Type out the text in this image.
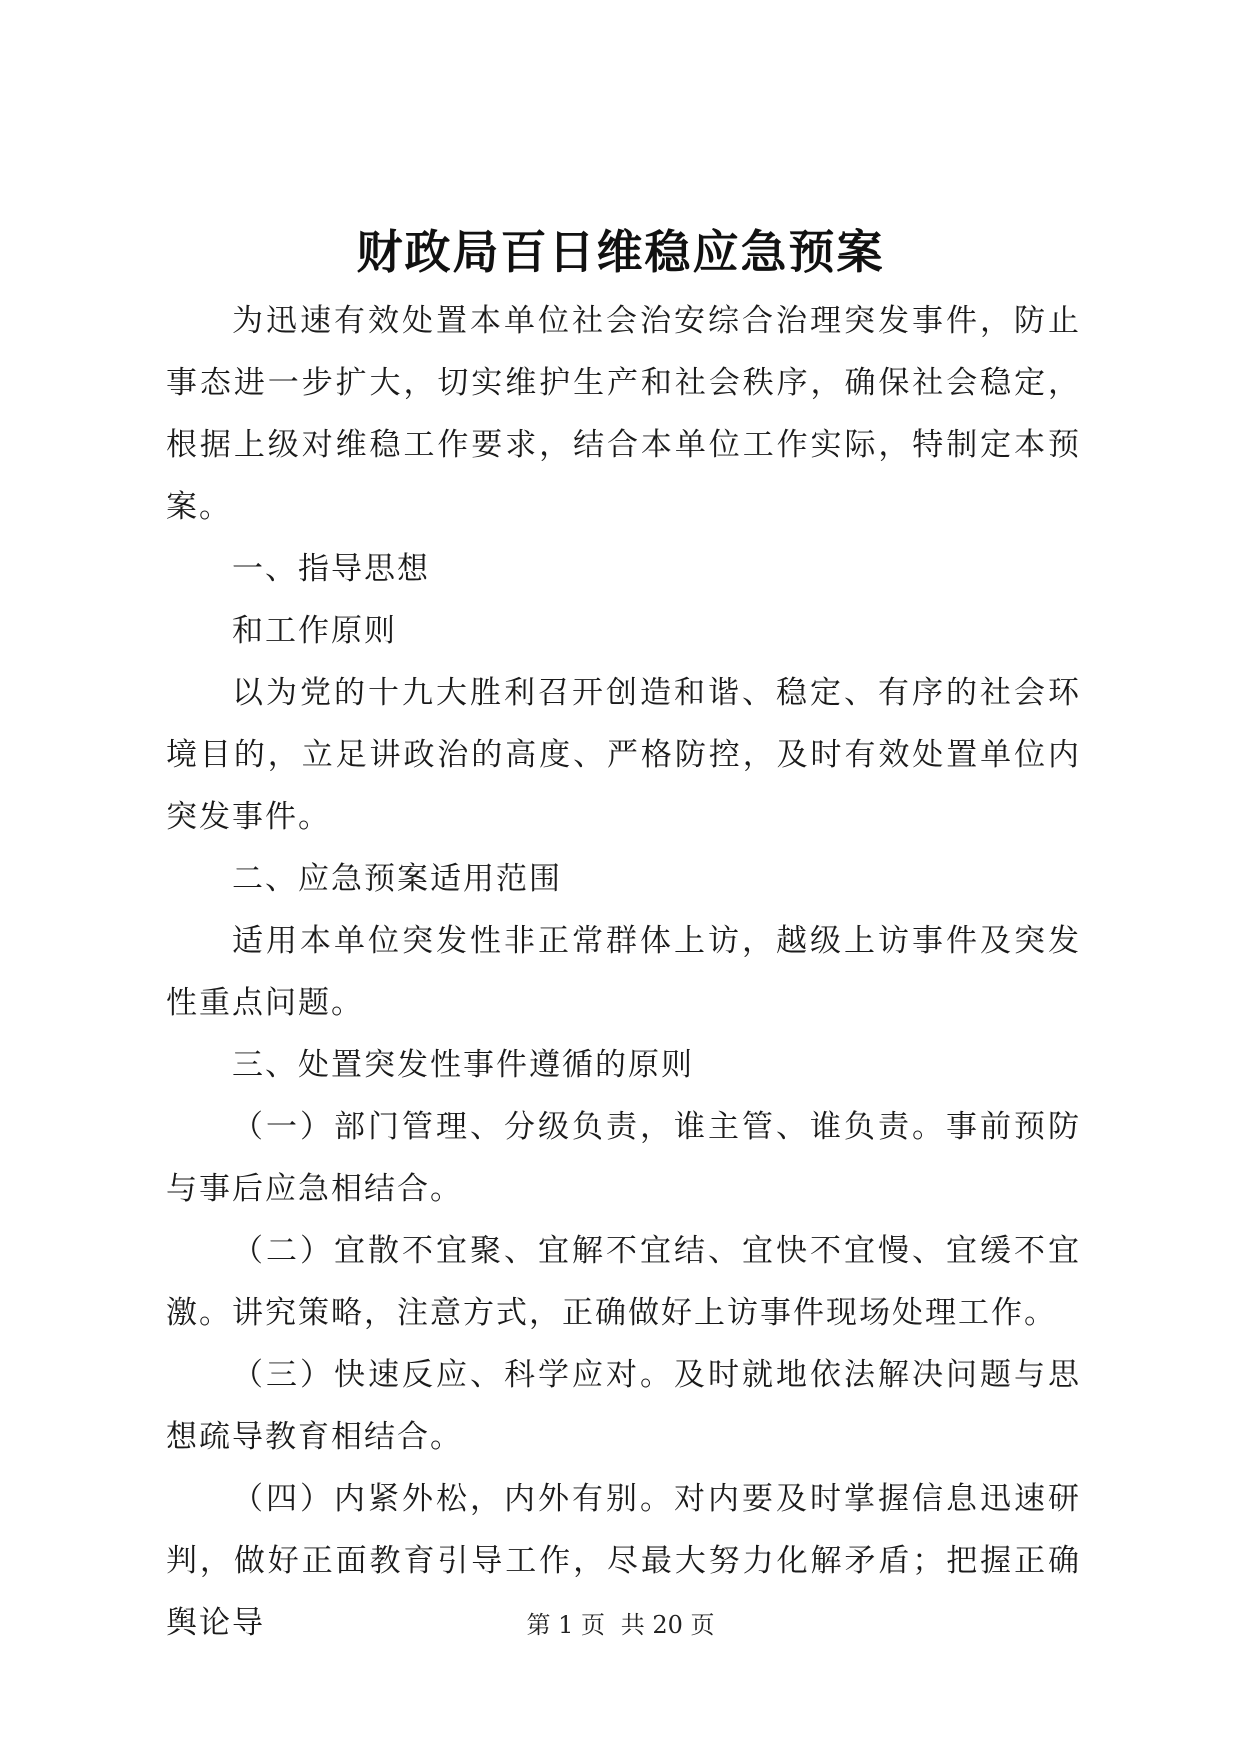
财政局百日维稳应急预案

为迅速有效处置本单位社会治安综合治理突发事件，防止事态进一步扩大，切实维护生产和社会秩序，确保社会稳定，根据上级对维稳工作要求，结合本单位工作实际，特制定本预案。

一、指导思想

和工作原则

以为党的十九大胜利召开创造和谐、稳定、有序的社会环境目的，立足讲政治的高度、严格防控，及时有效处置单位内突发事件。

二、应急预案适用范围

适用本单位突发性非正常群体上访，越级上访事件及突发性重点问题。

三、处置突发性事件遵循的原则

（一）部门管理、分级负责，谁主管、谁负责。事前预防与事后应急相结合。

（二）宜散不宜聚、宜解不宜结、宜快不宜慢、宜缓不宜激。讲究策略，注意方式，正确做好上访事件现场处理工作。

（三）快速反应、科学应对。及时就地依法解决问题与思想疏导教育相结合。

（四）内紧外松，内外有别。对内要及时掌握信息迅速研判，做好正面教育引导工作，尽最大努力化解矛盾；把握正确舆论导	第 1 页 共 20 页
